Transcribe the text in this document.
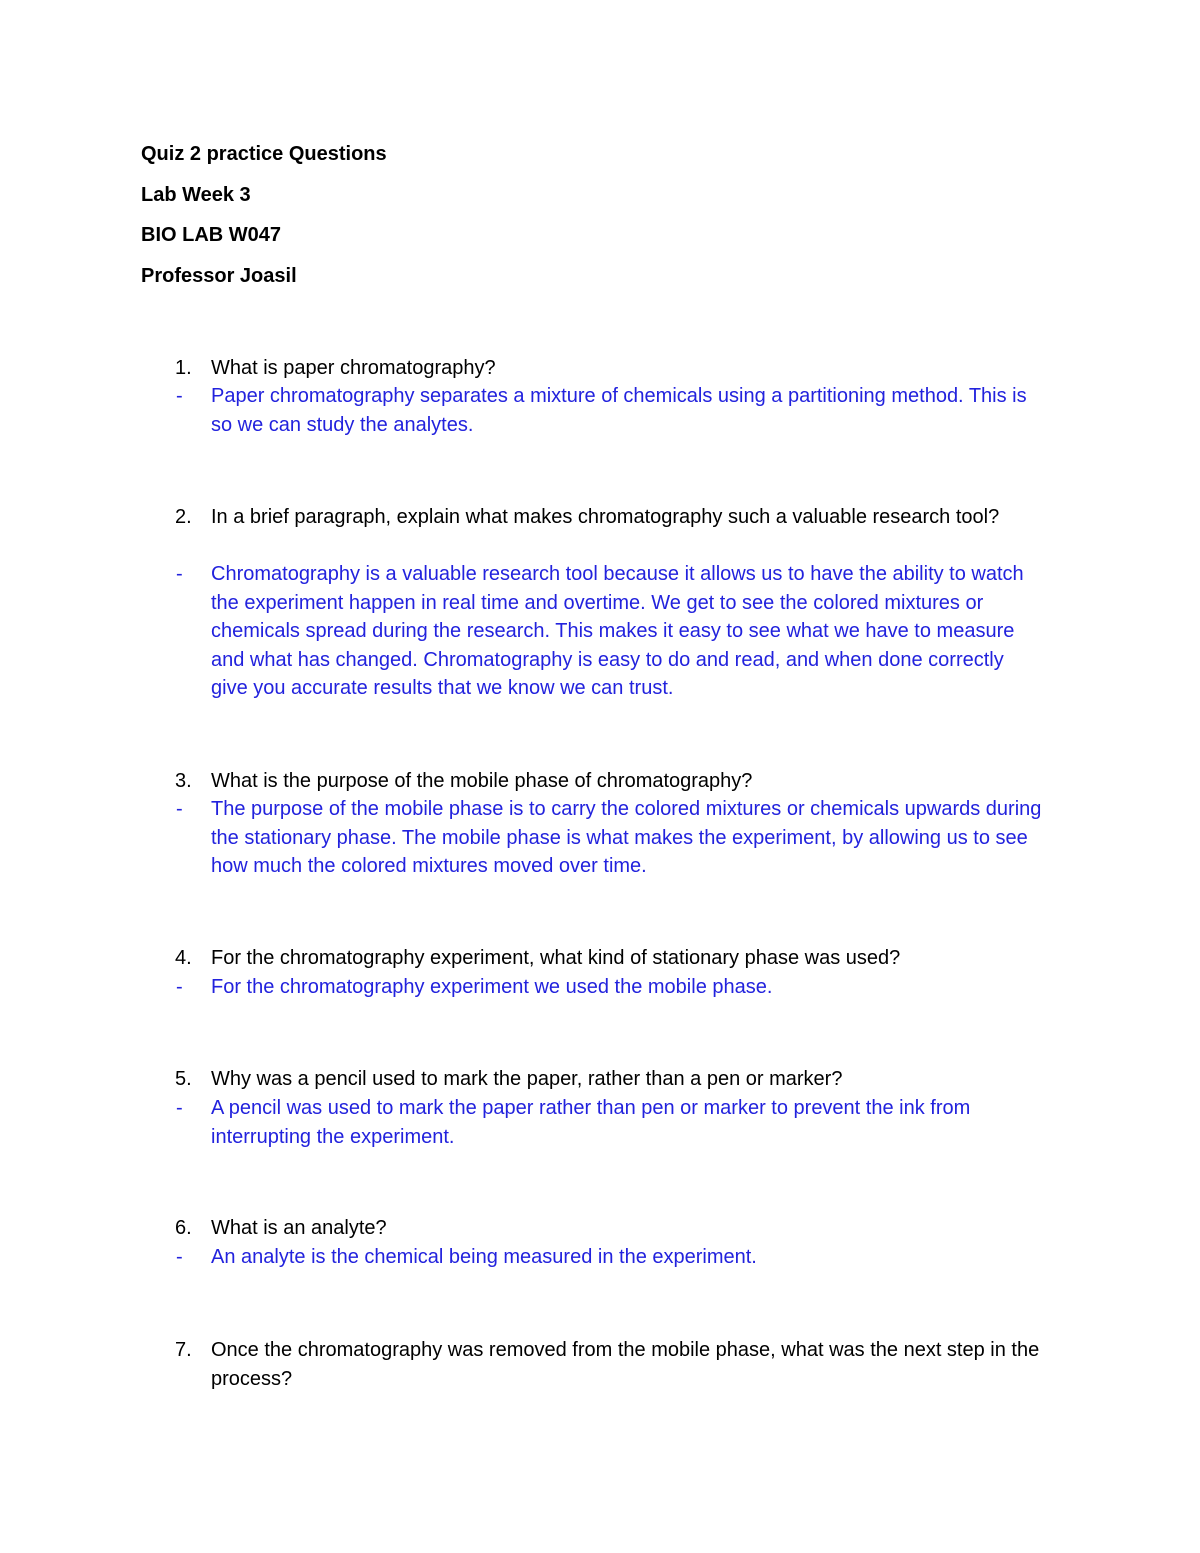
Quiz 2 practice Questions
Lab Week 3
BIO LAB W047
Professor Joasil
1. What is paper chromatography?
- Paper chromatography separates a mixture of chemicals using a partitioning method. This is so we can study the analytes.
2. In a brief paragraph, explain what makes chromatography such a valuable research tool?
- Chromatography is a valuable research tool because it allows us to have the ability to watch the experiment happen in real time and overtime. We get to see the colored mixtures or chemicals spread during the research. This makes it easy to see what we have to measure and what has changed. Chromatography is easy to do and read, and when done correctly give you accurate results that we know we can trust.
3. What is the purpose of the mobile phase of chromatography?
- The purpose of the mobile phase is to carry the colored mixtures or chemicals upwards during the stationary phase. The mobile phase is what makes the experiment, by allowing us to see how much the colored mixtures moved over time.
4. For the chromatography experiment, what kind of stationary phase was used?
- For the chromatography experiment we used the mobile phase.
5. Why was a pencil used to mark the paper, rather than a pen or marker?
- A pencil was used to mark the paper rather than pen or marker to prevent the ink from interrupting the experiment.
6. What is an analyte?
- An analyte is the chemical being measured in the experiment.
7. Once the chromatography was removed from the mobile phase, what was the next step in the process?
